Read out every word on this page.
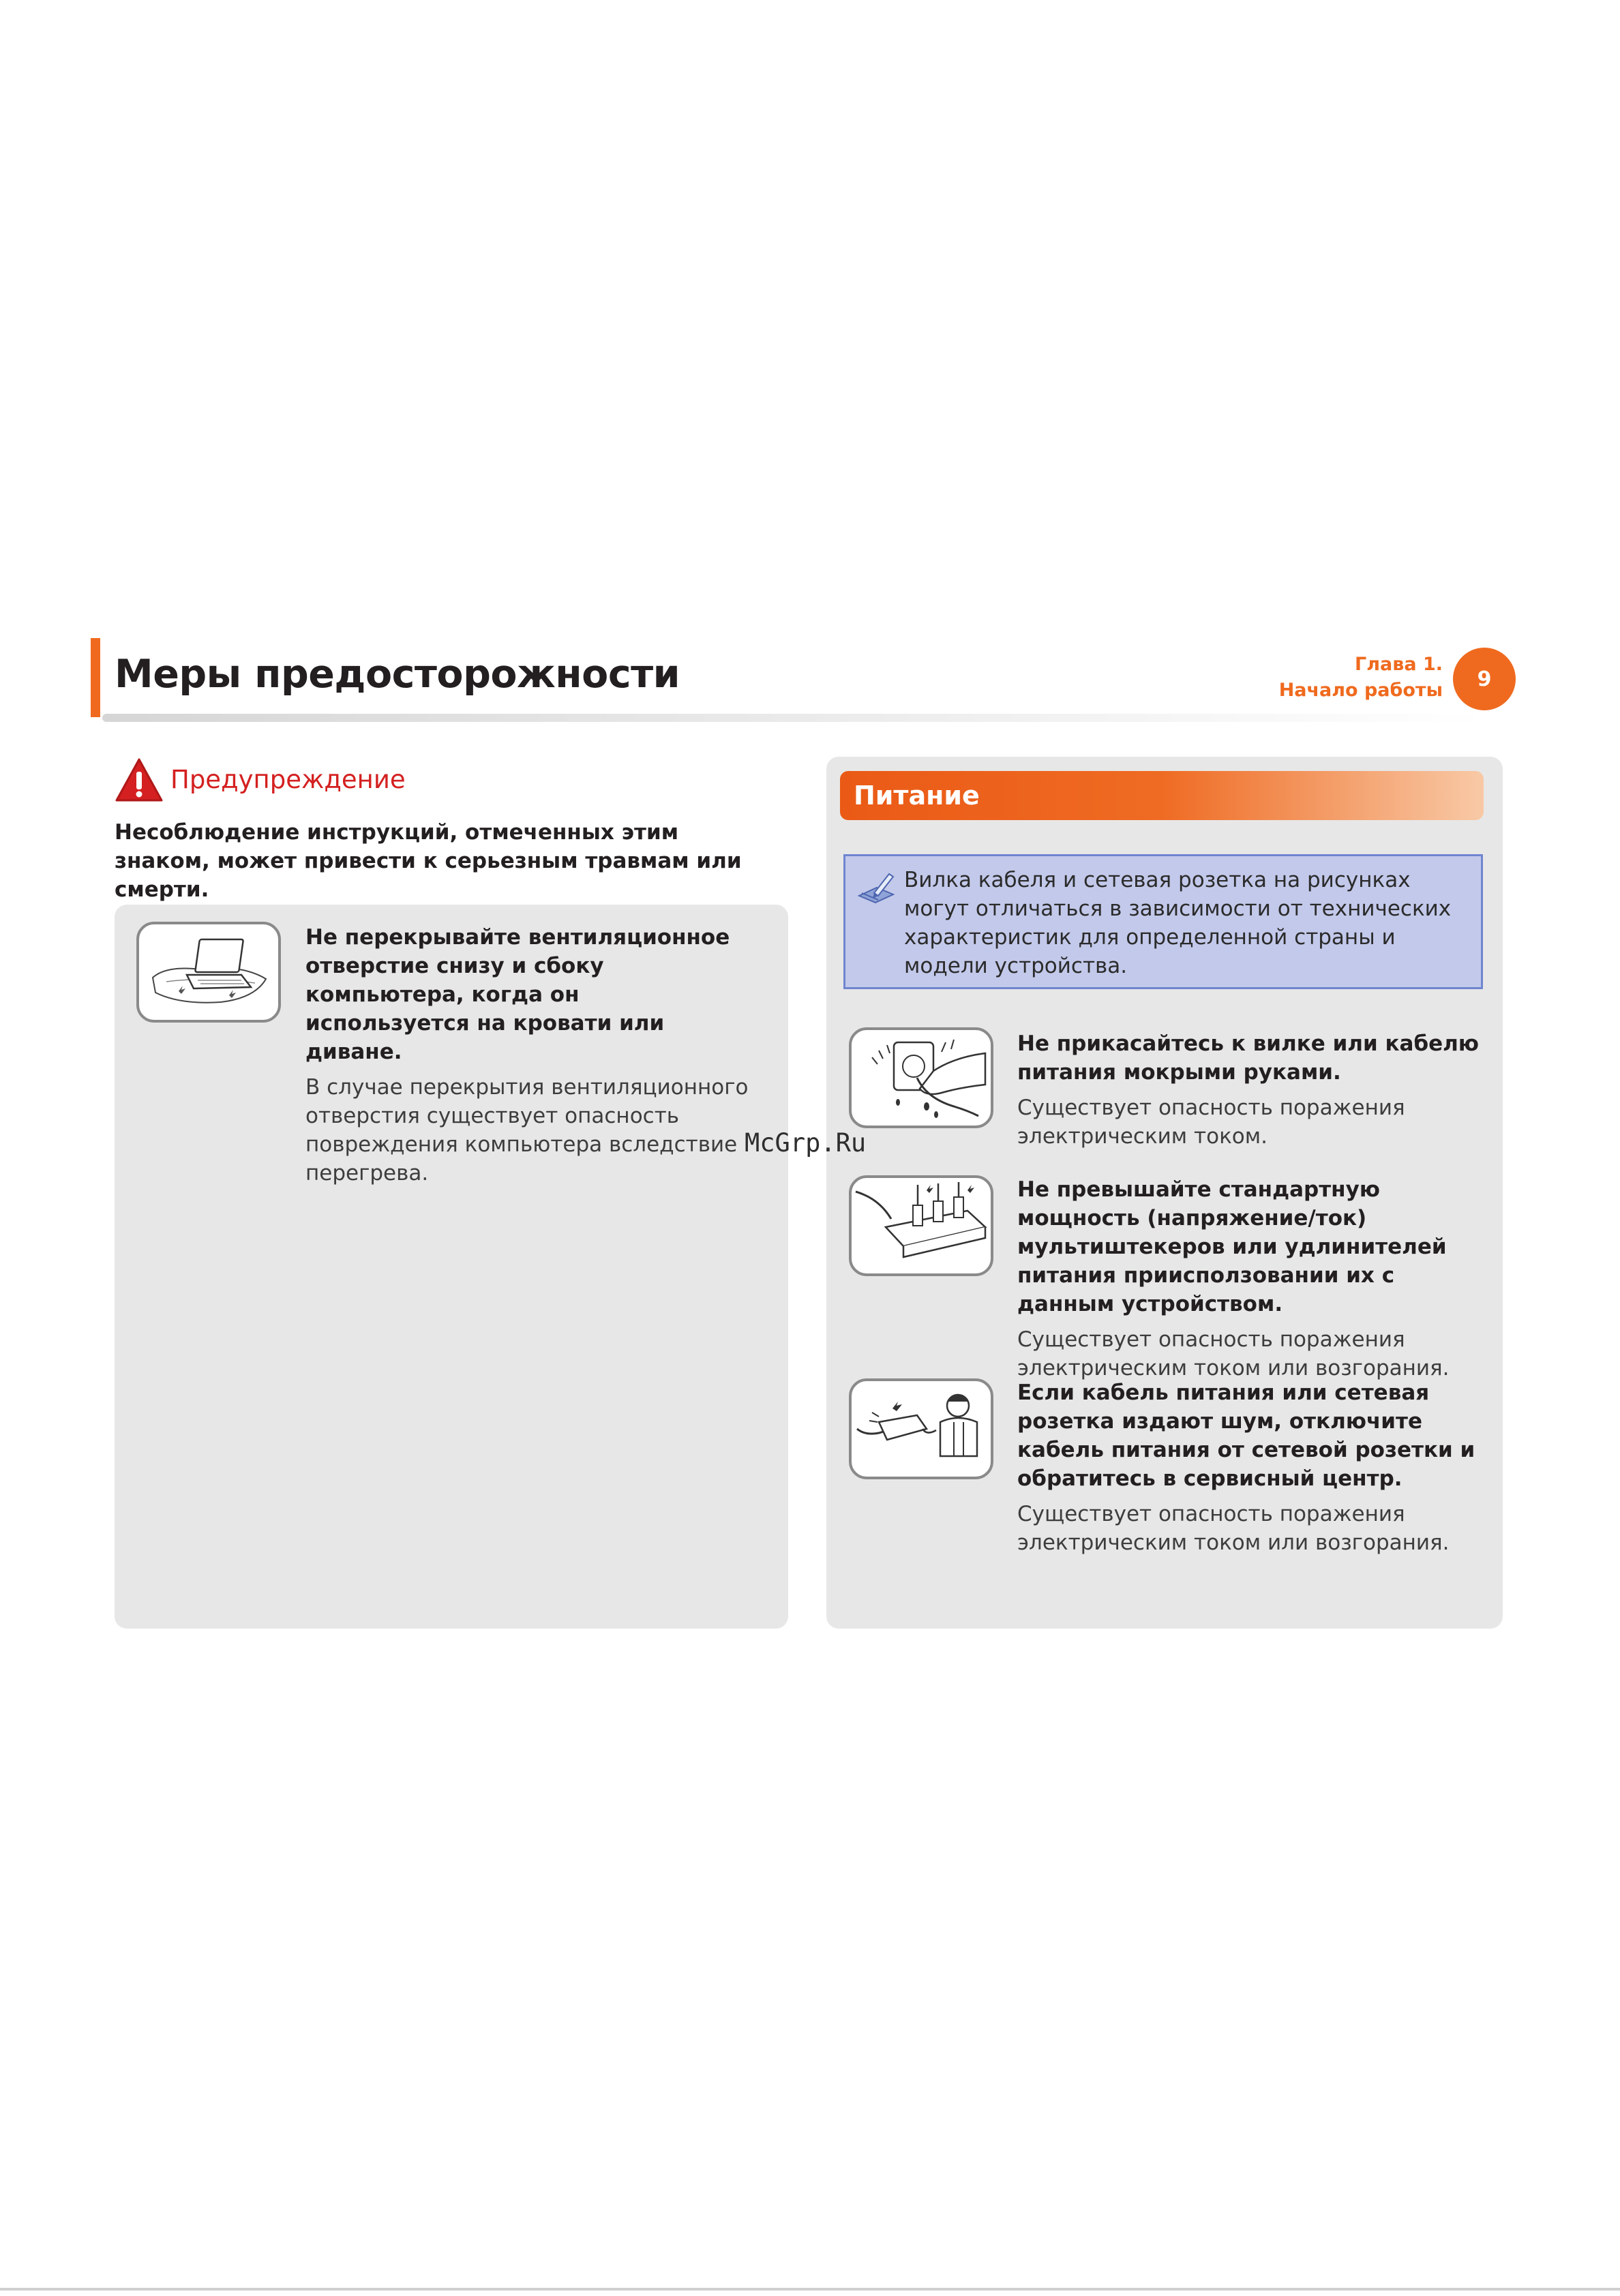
Меры предосторожности	Глава 1.
Начало работы	9
Предупреждение
Несоблюдение инструкций, отмеченных этим знаком, может привести к серьезным травмам или смерти.
Не перекрывайте вентиляционное отверстие снизу и сбоку компьютера, когда он используется на кровати или диване.
В случае перекрытия вентиляционного отверстия существует опасность повреждения компьютера вследствие перегрева.
Питание
Вилка кабеля и сетевая розетка на рисунках могут отличаться в зависимости от технических характеристик для определенной страны и модели устройства.
Не прикасайтесь к вилке или кабелю питания мокрыми руками.
Существует опасность поражения электрическим током.
Не превышайте стандартную мощность (напряжение/ток) мультиштекеров или удлинителей питания приисползовании их с данным устройством.
Существует опасность поражения электрическим током или возгорания.
Если кабель питания или сетевая розетка издают шум, отключите кабель питания от сетевой розетки и обратитесь в сервисный центр.
Существует опасность поражения электрическим током или возгорания.
McGrp.Ru
